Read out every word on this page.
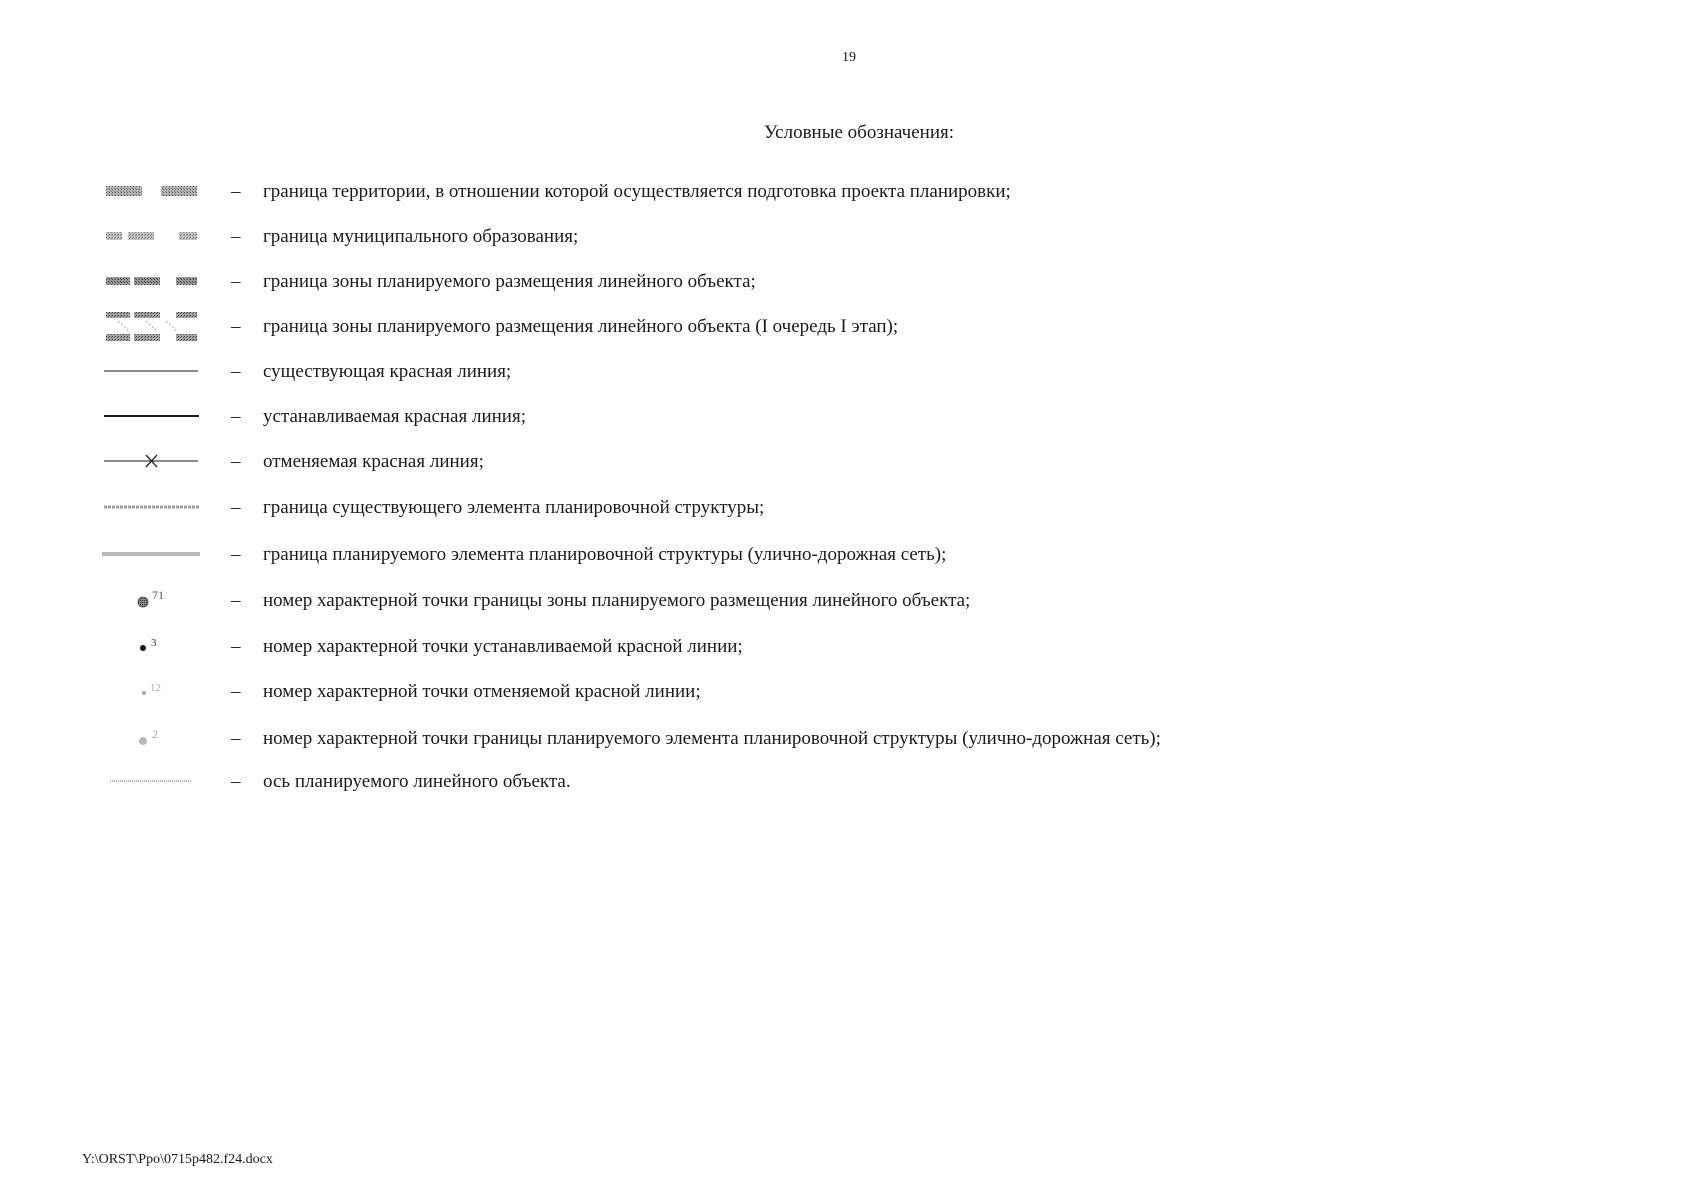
19
Условные обозначения:
– граница территории, в отношении которой осуществляется подготовка проекта планировки;
– граница муниципального образования;
– граница зоны планируемого размещения линейного объекта;
– граница зоны планируемого размещения линейного объекта (I очередь I этап);
– существующая красная линия;
– устанавливаемая красная линия;
– отменяемая красная линия;
– граница существующего элемента планировочной структуры;
– граница планируемого элемента планировочной структуры (улично-дорожная сеть);
71	– номер характерной точки границы зоны планируемого размещения линейного объекта;
3	– номер характерной точки устанавливаемой красной линии;
12	– номер характерной точки отменяемой красной линии;
2	– номер характерной точки границы планируемого элемента планировочной структуры (улично-дорожная сеть);
– ось планируемого линейного объекта.
Y:\ORST\Ppo\0715p482.f24.docx
